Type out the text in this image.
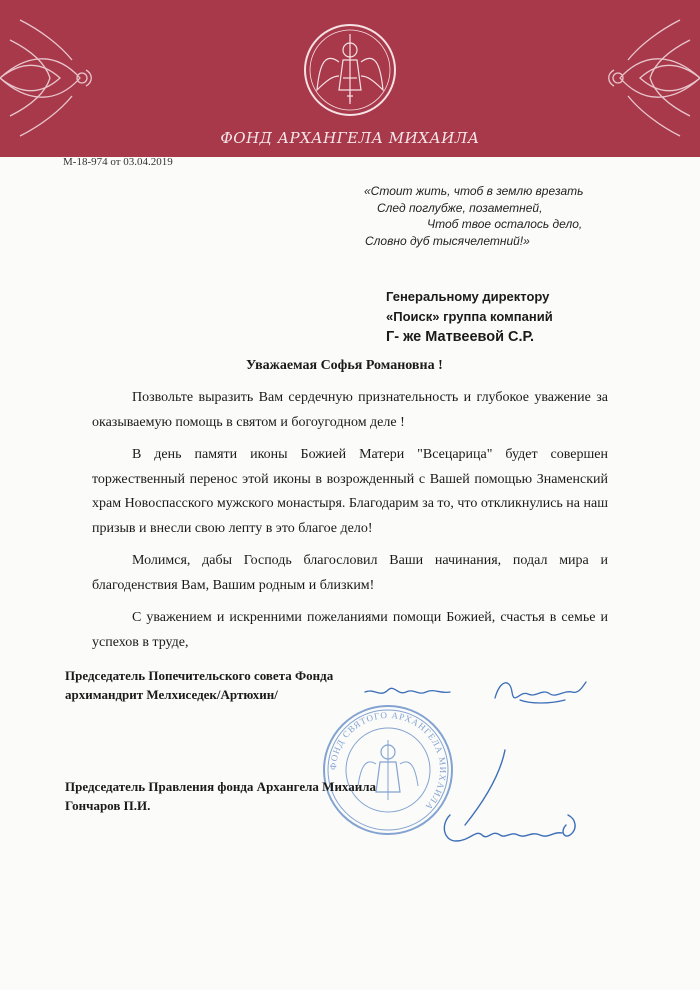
ФОНД АРХАНГЕЛА МИХАИЛА
М-18-974 от 03.04.2019
«Стоит жить, чтоб в землю врезать
След поглубже, позаметней,
Чтоб твое осталось дело,
Словно дуб тысячелетний!»
Генеральному директору
«Поиск» группа компаний
Г- же Матвеевой С.Р.
Уважаемая Софья Романовна !

Позвольте выразить Вам сердечную признательность и глубокое уважение за оказываемую помощь в святом и богоугодном деле !

В день памяти иконы Божией Матери "Всецарица" будет совершен торжественный перенос этой иконы в возрожденный с Вашей помощью Знаменский храм Новоспасского мужского монастыря. Благодарим за то, что откликнулись на наш призыв и внесли свою лепту в это благое дело!

Молимся, дабы Господь благословил Ваши начинания, подал мира и благоденствия Вам, Вашим родным и близким!

С уважением и искренними пожеланиями помощи Божией, счастья в семье и успехов в труде,

Председатель Попечительского совета Фонда
архимандрит Мелхиседек/Артюхин/
ФОНД СВЯТОГО АРХАНГЕЛА МИХАИЛА
Председатель Правления фонда Архангела Михаила
Гончаров П.И.
